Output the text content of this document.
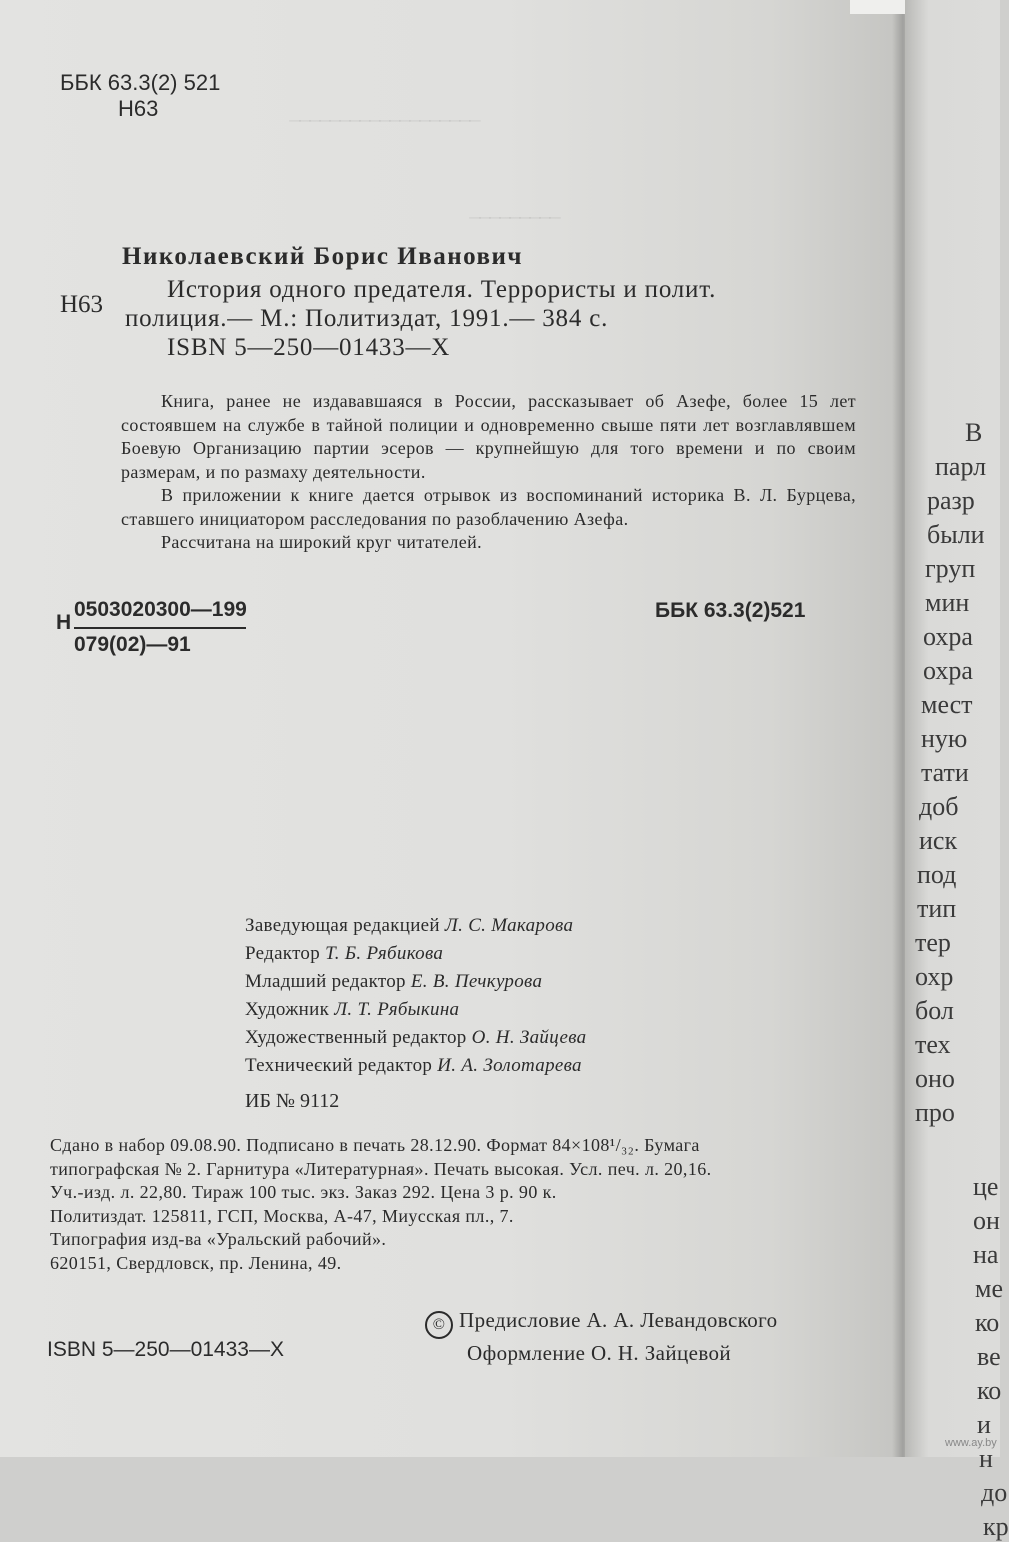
‾‾‾‾‾‾‾‾‾‾‾‾‾‾‾‾‾‾‾
‾‾‾‾‾‾‾‾‾
ББК 63.3(2) 521
Н63
Николаевский Борис Иванович
Н63
История одного предателя. Террористы и полит.
полиция.— М.: Политиздат, 1991.— 384 с.
ISBN 5—250—01433—X

Книга, ранее не издававшаяся в России, рассказывает об Азефе, более 15 лет состоявшем на службе в тайной полиции и одновременно свыше пяти лет возглавлявшем Боевую Организацию партии эсеров — крупнейшую для того времени и по своим размерам, и по размаху деятельности.

В приложении к книге дается отрывок из воспоминаний историка В. Л. Бурцева, ставшего инициатором расследования по разоблачению Азефа.

Рассчитана на широкий круг читателей.

Н
0503020300—199
079(02)—91
ББК 63.3(2)521
Заведующая редакцией Л. С. Макарова
Редактор Т. Б. Рябикова
Младший редактор Е. В. Печкурова
Художник Л. Т. Рябыкина
Художественный редактор О. Н. Зайцева
Техничеєкий редактор И. А. Золотарева
ИБ № 9112
Сдано в набор 09.08.90. Подписано в печать 28.12.90. Формат 84×108¹/₃₂. Бумага
типографская № 2. Гарнитура «Литературная». Печать высокая. Усл. печ. л. 20,16.
Уч.-изд. л. 22,80. Тираж 100 тыс. экз. Заказ 292. Цена 3 р. 90 к.
Политиздат. 125811, ГСП, Москва, А-47, Миусская пл., 7.
Типография изд-ва «Уральский рабочий».
620151, Свердловск, пр. Ленина, 49.
ISBN 5—250—01433—X
© Предисловие А. А. Левандовского
Оформление О. Н. Зайцевой
В
парл
разр
были
груп
мин
охра
охра
мест
ную
тати
доб
иск
под
тип
тер
охр
бол
тех
оно
про
це
он
на
ме
ко
ве
ко
и
н
до
кр
www.ay.by
